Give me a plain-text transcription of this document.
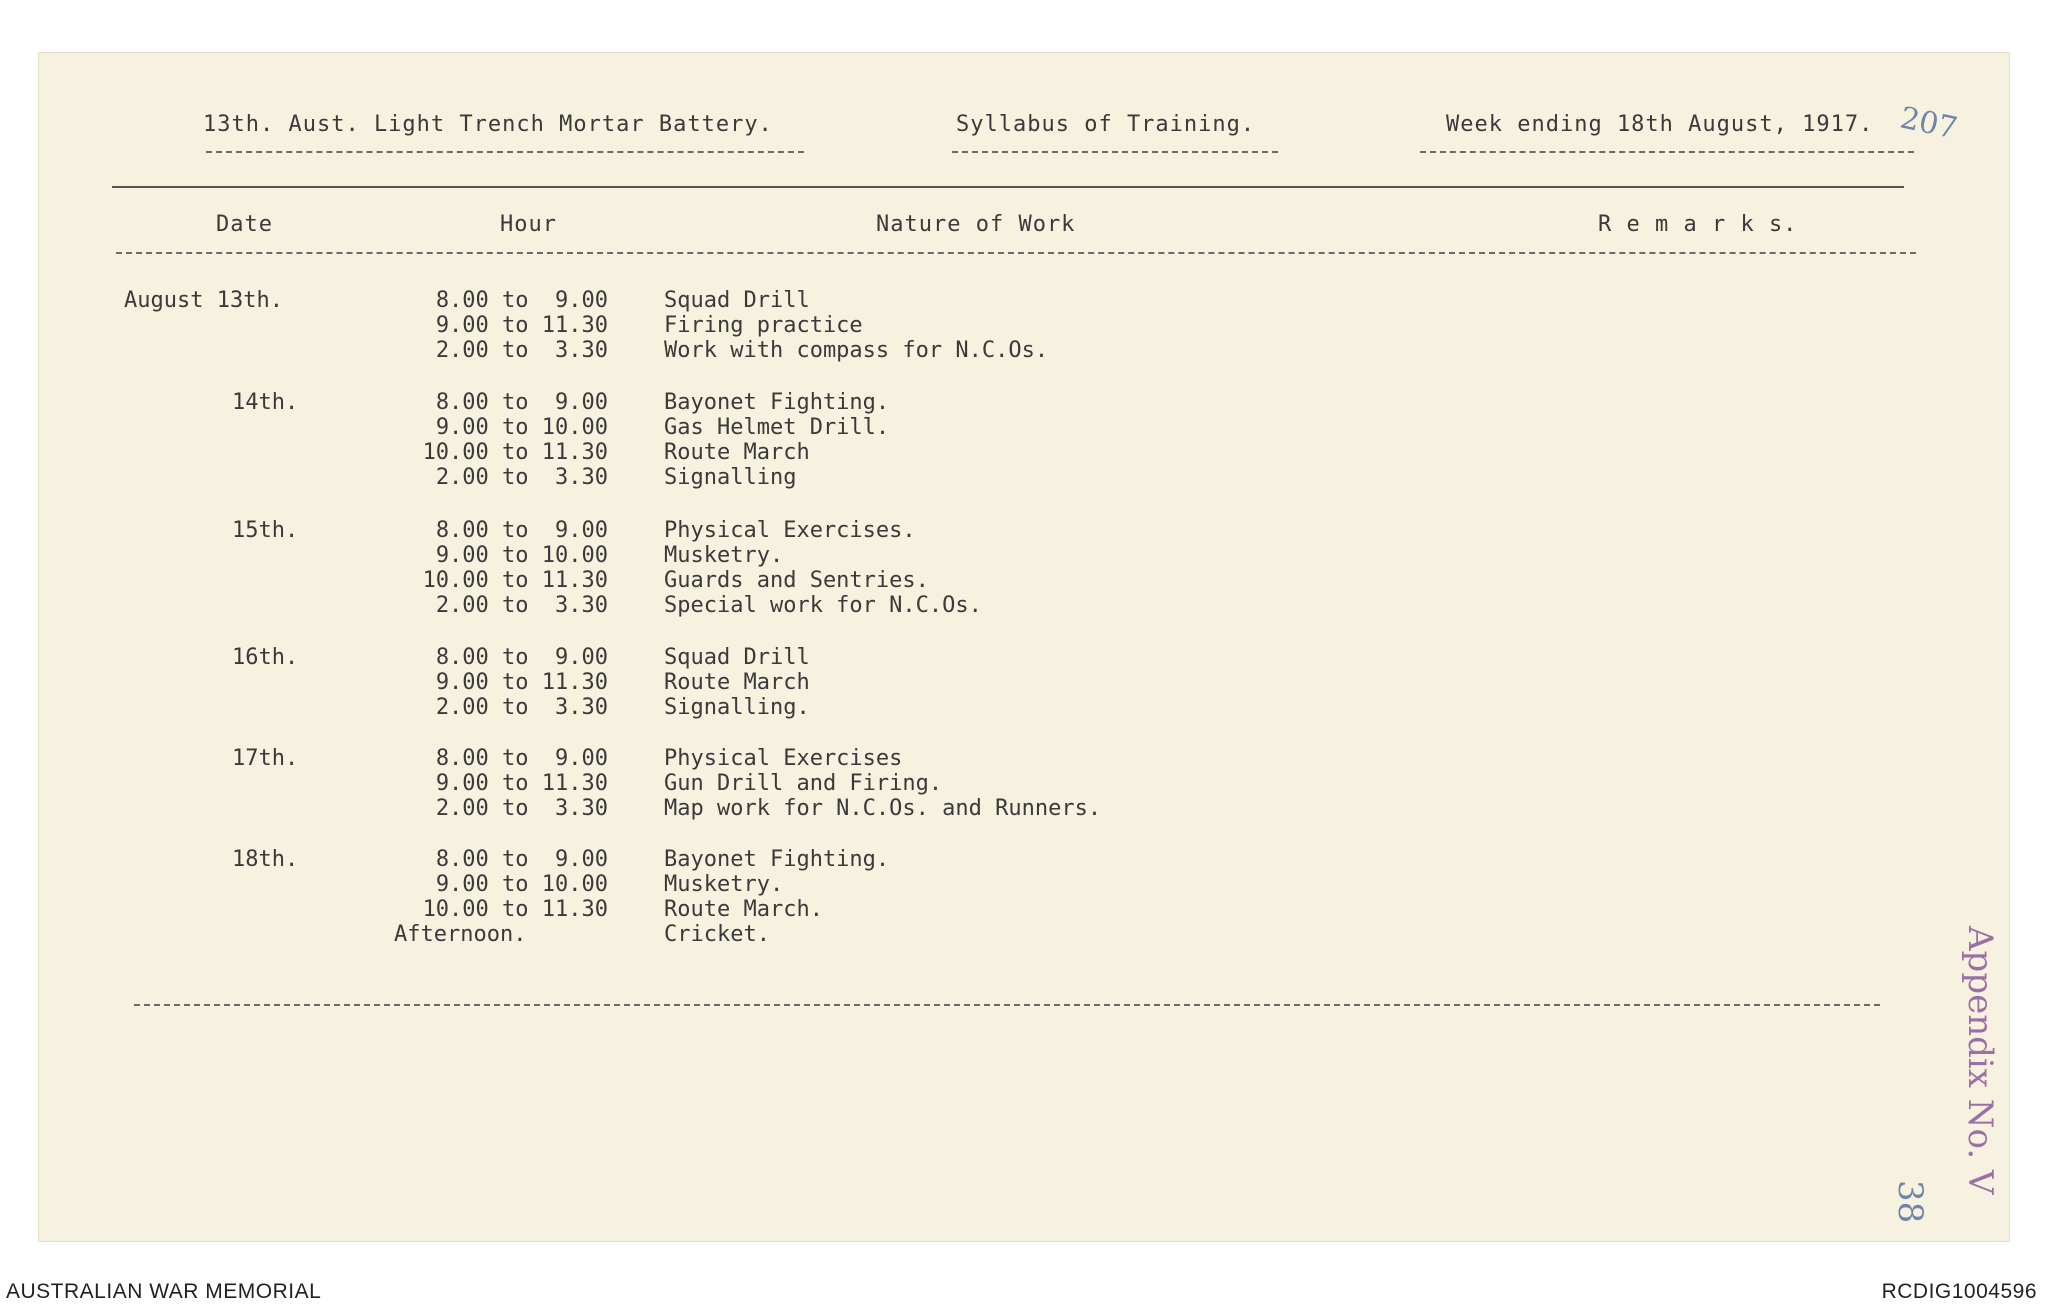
13th. Aust. Light Trench Mortar Battery.	Syllabus of Training.	Week ending 18th August, 1917. 207
Date	Hour	Nature of Work	R e m a r k s.
August 13th.	8.00 to  9.00	Squad Drill
9.00 to 11.30	Firing practice
2.00 to  3.30	Work with compass for N.C.Os.
14th.	8.00 to  9.00	Bayonet Fighting.
9.00 to 10.00	Gas Helmet Drill.
10.00 to 11.30	Route March
2.00 to  3.30	Signalling
15th.	8.00 to  9.00	Physical Exercises.
9.00 to 10.00	Musketry.
10.00 to 11.30	Guards and Sentries.
2.00 to  3.30	Special work for N.C.Os.
16th.	8.00 to  9.00	Squad Drill
9.00 to 11.30	Route March
2.00 to  3.30	Signalling.
17th.	8.00 to  9.00	Physical Exercises
9.00 to 11.30	Gun Drill and Firing.
2.00 to  3.30	Map work for N.C.Os. and Runners.
18th.	8.00 to  9.00	Bayonet Fighting.
9.00 to 10.00	Musketry.
10.00 to 11.30	Route March.
Afternoon.	Cricket.	Appendix No. V
38
AUSTRALIAN WAR MEMORIAL	RCDIG1004596
